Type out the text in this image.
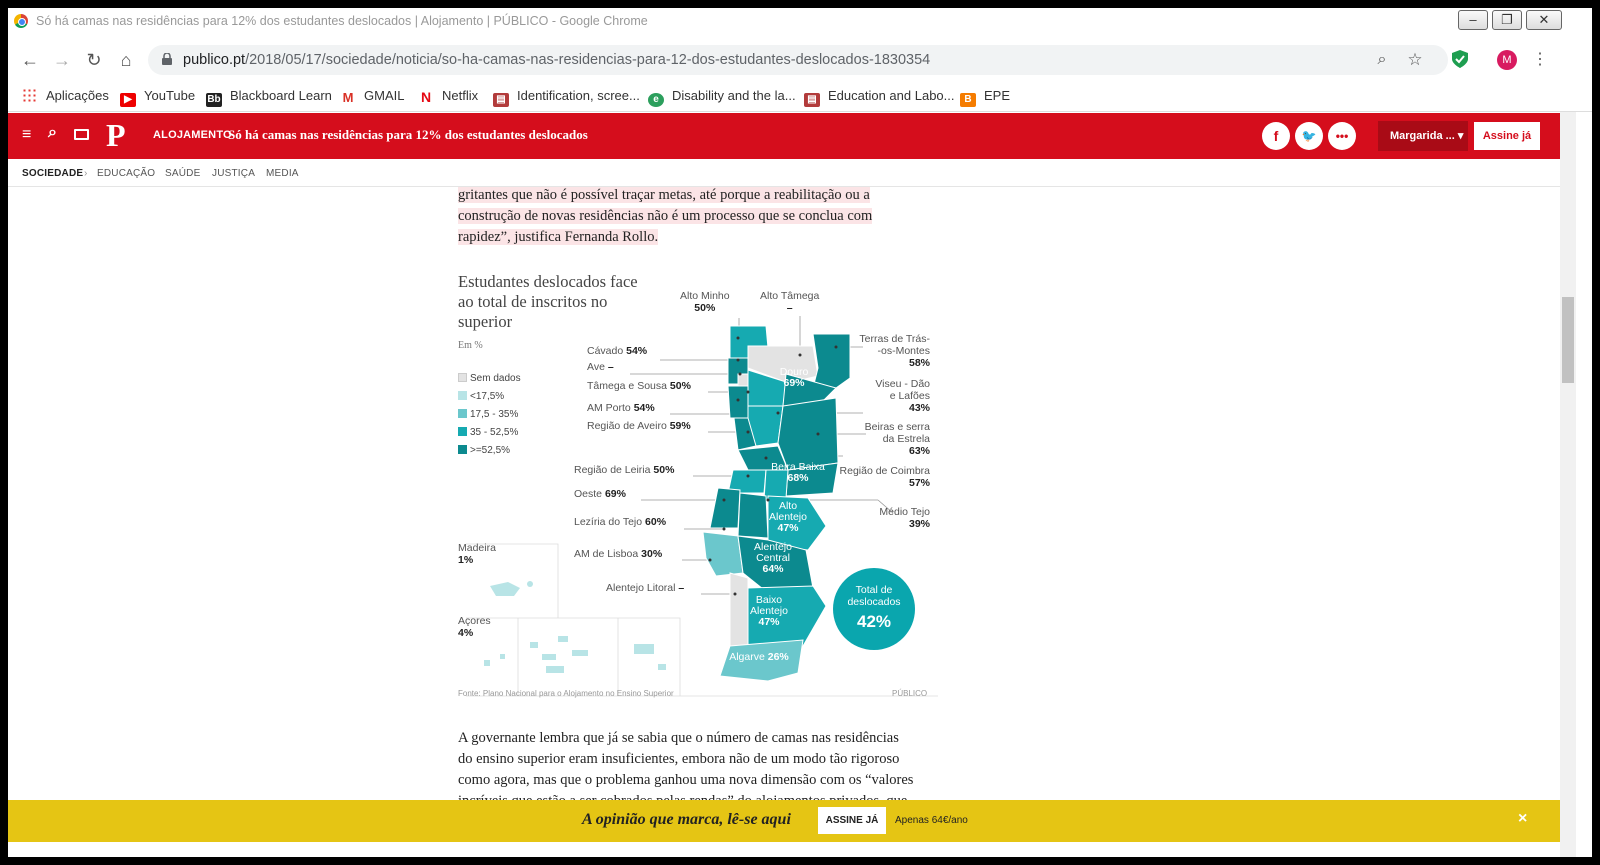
Só há camas nas residências para 12% dos estudantes deslocados | Alojamento | PÚBLICO - Google Chrome	–	❐	✕
← → ↻	⌂	publico.pt/2018/05/17/sociedade/noticia/so-ha-camas-nas-residencias-para-12-dos-estudantes-deslocados-1830354	⌕	☆	M	⋮
Aplicações	▶ YouTube Bb Blackboard Learn M GMAIL N Netflix	▤ Identification, scree...	e Disability and the la...	▤ Education and Labo... B EPE
≡ ⌕ P ALOJAMENTO
Só há camas nas residências para 12% dos estudantes deslocados	f	🐦	•••	Margarida ... ▾	Assine já
SOCIEDADE › EDUCAÇÃO SAÚDE JUSTIÇA MEDIA
gritantes que não é possível traçar metas, até porque a reabilitação ou a
construção de novas residências não é um processo que se conclua com
rapidez”, justifica Fernanda Rollo.
Estudantes deslocados face ao total de inscritos no superior
Em %
Sem dados
<17,5%
17,5 - 35%
35 - 52,5%
>=52,5%
Alto Minho
50%
Alto Tâmega
–
Cávado 54%
Ave –
Tâmega e Sousa 50%
AM Porto 54%
Região de Aveiro 59%
Região de Leiria 50%
Oeste 69%
Lezíria do Tejo 60%
AM de Lisboa 30%
Alentejo Litoral –
Terras de Trás-
-os-Montes
58%
Viseu - Dão
e Lafões
43%
Beiras e serra
da Estrela
63%
Região de Coimbra
57%
Médio Tejo
39%
Douro
69%
Beira Baixa
68%
Alto
Alentejo
47%
Alentejo
Central
64%
Baixo
Alentejo
47%
Algarve 26%
Madeira
1%
Açores
4%
Total de deslocados
42%
Fonte: Plano Nacional para o Alojamento no Ensino Superior	PÚBLICO
A governante lembra que já se sabia que o número de camas nas residências
do ensino superior eram insuficientes, embora não de um modo tão rigoroso
como agora, mas que o problema ganhou uma nova dimensão com os “valores
A opinião que marca, lê-se aqui	ASSINE JÁ	Apenas 64€/ano	×
